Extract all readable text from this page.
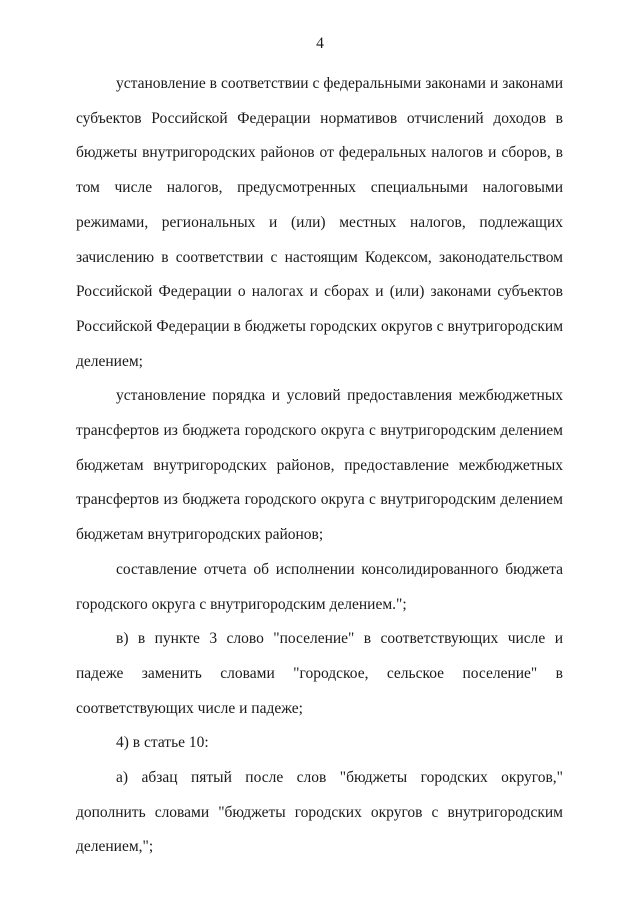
4

установление в соответствии с федеральными законами и законами субъектов Российской Федерации нормативов отчислений доходов в бюджеты внутригородских районов от федеральных налогов и сборов, в том числе налогов, предусмотренных специальными налоговыми режимами, региональных и (или) местных налогов, подлежащих зачислению в соответствии с настоящим Кодексом, законодательством Российской Федерации о налогах и сборах и (или) законами субъектов Российской Федерации в бюджеты городских округов с внутригородским делением;

установление порядка и условий предоставления межбюджетных трансфертов из бюджета городского округа с внутригородским делением бюджетам внутригородских районов, предоставление межбюджетных трансфертов из бюджета городского округа с внутригородским делением бюджетам внутригородских районов;

составление отчета об исполнении консолидированного бюджета городского округа с внутригородским делением.";

в) в пункте 3 слово "поселение" в соответствующих числе и падеже заменить словами "городское, сельское поселение" в соответствующих числе и падеже;

4) в статье 10:

а) абзац пятый после слов "бюджеты городских округов," дополнить словами "бюджеты городских округов с внутригородским делением,";
